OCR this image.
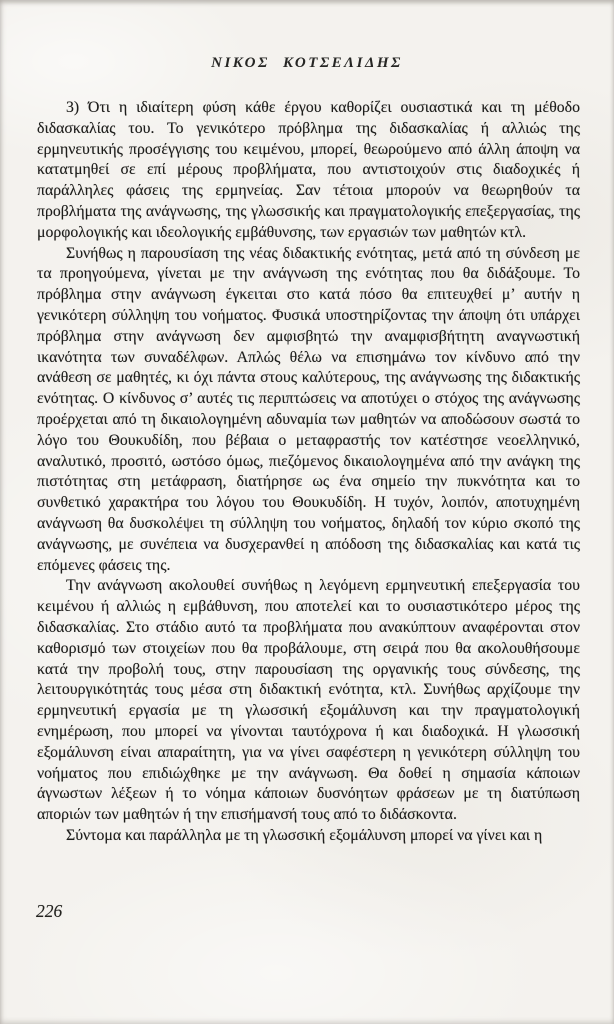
ΝΙΚΟΣ ΚΟΤΣΕΛΙΔΗΣ

3) Ότι η ιδιαίτερη φύση κάθε έργου καθορίζει ουσιαστικά και τη μέθοδο διδασκαλίας του. Το γενικότερο πρόβλημα της διδασκαλίας ή αλλιώς της ερμηνευτικής προσέγγισης του κειμένου, μπορεί, θεωρούμενο από άλλη άποψη να κατατμηθεί σε επί μέρους προβλήματα, που αντιστοιχούν στις διαδοχικές ή παράλληλες φάσεις της ερμηνείας. Σαν τέτοια μπορούν να θεωρηθούν τα προβλήματα της ανάγνωσης, της γλωσσικής και πραγματολογικής επεξεργασίας, της μορφολογικής και ιδεολογικής εμβάθυνσης, των εργασιών των μαθητών κτλ.

Συνήθως η παρουσίαση της νέας διδακτικής ενότητας, μετά από τη σύνδεση με τα προηγούμενα, γίνεται με την ανάγνωση της ενότητας που θα διδάξουμε. Το πρόβλημα στην ανάγνωση έγκειται στο κατά πόσο θα επιτευχθεί μ’ αυτήν η γενικότερη σύλληψη του νοήματος. Φυσικά υποστηρίζοντας την άποψη ότι υπάρχει πρόβλημα στην ανάγνωση δεν αμφισβητώ την αναμφισβήτητη αναγνωστική ικανότητα των συναδέλφων. Απλώς θέλω να επισημάνω τον κίνδυνο από την ανάθεση σε μαθητές, κι όχι πάντα στους καλύτερους, της ανάγνωσης της διδακτικής ενότητας. Ο κίνδυνος σ’ αυτές τις περιπτώσεις να αποτύχει ο στόχος της ανάγνωσης προέρχεται από τη δικαιολογημένη αδυναμία των μαθητών να αποδώσουν σωστά το λόγο του Θουκυδίδη, που βέβαια ο μεταφραστής τον κατέστησε νεοελληνικό, αναλυτικό, προσιτό, ωστόσο όμως, πιεζόμενος δικαιολογημένα από την ανάγκη της πιστότητας στη μετάφραση, διατήρησε ως ένα σημείο την πυκνότητα και το συνθετικό χαρακτήρα του λόγου του Θουκυδίδη. Η τυχόν, λοιπόν, αποτυχημένη ανάγνωση θα δυσκολέψει τη σύλληψη του νοήματος, δηλαδή τον κύριο σκοπό της ανάγνωσης, με συνέπεια να δυσχερανθεί η απόδοση της διδασκαλίας και κατά τις επόμενες φάσεις της.

Την ανάγνωση ακολουθεί συνήθως η λεγόμενη ερμηνευτική επεξεργασία του κειμένου ή αλλιώς η εμβάθυνση, που αποτελεί και το ουσιαστικότερο μέρος της διδασκαλίας. Στο στάδιο αυτό τα προβλήματα που ανακύπτουν αναφέρονται στον καθορισμό των στοιχείων που θα προβάλουμε, στη σειρά που θα ακολουθήσουμε κατά την προβολή τους, στην παρουσίαση της οργανικής τους σύνδεσης, της λειτουργικότητάς τους μέσα στη διδακτική ενότητα, κτλ. Συνήθως αρχίζουμε την ερμηνευτική εργασία με τη γλωσσική εξομάλυνση και την πραγματολογική ενημέρωση, που μπορεί να γίνονται ταυτόχρονα ή και διαδοχικά. Η γλωσσική εξομάλυνση είναι απαραίτητη, για να γίνει σαφέστερη η γενικότερη σύλληψη του νοήματος που επιδιώχθηκε με την ανάγνωση. Θα δοθεί η σημασία κάποιων άγνωστων λέξεων ή το νόημα κάποιων δυσνόητων φράσεων με τη διατύπωση αποριών των μαθητών ή την επισήμανσή τους από το διδάσκοντα.

Σύντομα και παράλληλα με τη γλωσσική εξομάλυνση μπορεί να γίνει και η

226
